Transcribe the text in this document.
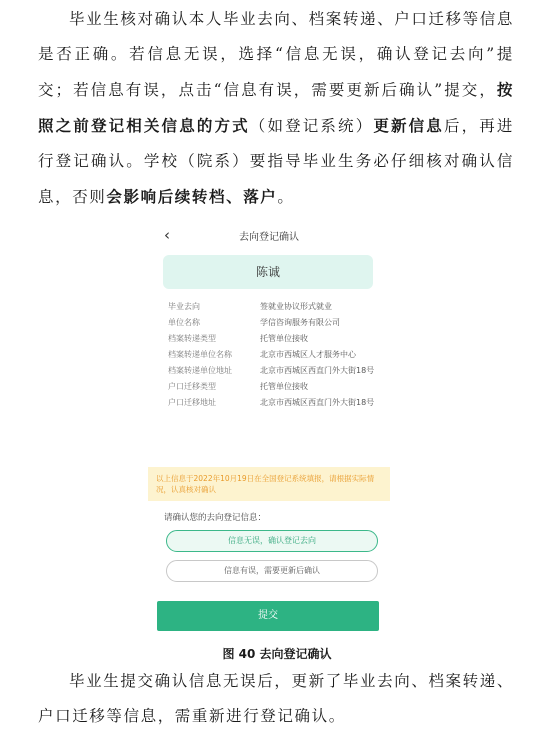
毕业生核对确认本人毕业去向、档案转递、户口迁移等信息是否正确。若信息无误，选择“信息无误，确认登记去向”提交；若信息有误，点击“信息有误，需要更新后确认”提交，按照之前登记相关信息的方式（如登记系统）更新信息后，再进行登记确认。学校（院系）要指导毕业生务必仔细核对确认信息，否则会影响后续转档、落户。
‹	去向登记确认
陈诚
毕业去向	签就业协议形式就业
单位名称	学信咨询服务有限公司
档案转递类型	托管单位接收
档案转递单位名称	北京市西城区人才服务中心
档案转递单位地址	北京市西城区西直门外大街18号
户口迁移类型	托管单位接收
户口迁移地址	北京市西城区西直门外大街18号
以上信息于2022年10月19日在全国登记系统填报，请根据实际情况，认真核对确认
请确认您的去向登记信息：
信息无误，确认登记去向
信息有误，需要更新后确认
提交
图 40 去向登记确认
毕业生提交确认信息无误后，更新了毕业去向、档案转递、户口迁移等信息，需重新进行登记确认。
